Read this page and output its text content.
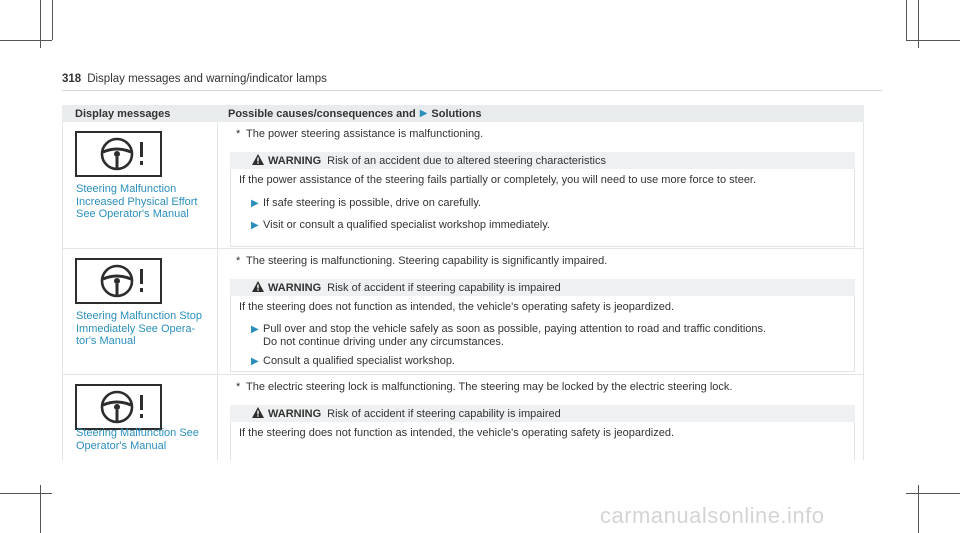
318 Display messages and warning/indicator lamps
Display messages	Possible causes/consequences and ▶ Solutions
Steering Malfunction
Increased Physical Effort
See Operator's Manual
* The power steering assistance is malfunctioning.
WARNING Risk of an accident due to altered steering characteristics
If the power assistance of the steering fails partially or completely, you will need to use more force to steer.
▶ If safe steering is possible, drive on carefully.
▶ Visit or consult a qualified specialist workshop immediately.
Steering Malfunction Stop
Immediately See Opera-
tor's Manual
* The steering is malfunctioning. Steering capability is significantly impaired.
WARNING Risk of accident if steering capability is impaired
If the steering does not function as intended, the vehicle's operating safety is jeopardized.
▶ Pull over and stop the vehicle safely as soon as possible, paying attention to road and traffic conditions.
Do not continue driving under any circumstances.
▶ Consult a qualified specialist workshop.
Steering Malfunction See
Operator's Manual
* The electric steering lock is malfunctioning. The steering may be locked by the electric steering lock.
WARNING Risk of accident if steering capability is impaired
If the steering does not function as intended, the vehicle's operating safety is jeopardized.
carmanualsonline.info
